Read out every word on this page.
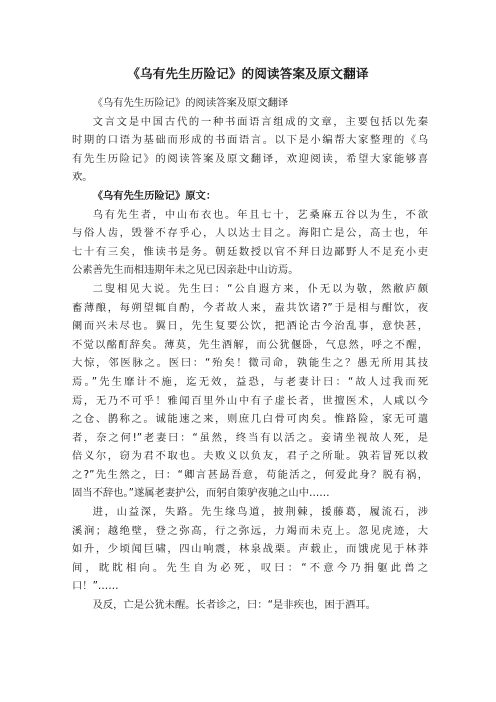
《乌有先生历险记》的阅读答案及原文翻译
《乌有先生历险记》的阅读答案及原文翻译
文言文是中国古代的一种书面语言组成的文章，主要包括以先秦
时期的口语为基础而形成的书面语言。以下是小编帮大家整理的《乌
有先生历险记》的阅读答案及原文翻译，欢迎阅读，希望大家能够喜
欢。
《乌有先生历险记》原文：
乌有先生者，中山布衣也。年且七十，艺桑麻五谷以为生，不欲
与俗人齿，毁誉不存乎心，人以达士目之。海阳亡是公，高士也，年
七十有三矣，惟读书是务。朝廷数授以官不拜日边鄙野人不足充小吏
公素善先生而相违期年未之见已因亲赴中山访焉。
二叟相见大说。先生曰：“公自遐方来，仆无以为敬，然敝庐颇
畜薄酿，每朔望辄自酌，今者故人来，盍共饮诸?”于是相与酣饮，夜
阑而兴未尽也。翼日，先生复要公饮，把酒论古今治乱事，意快甚，
不觉以酩酊辞矣。薄莫，先生酒解，而公犹偃卧，气息然，呼之不醒，
大惊，邻医脉之。医曰：“殆矣！微司命，孰能生之？愚无所用其技
焉。”先生靡计不施，迄无效，益恐，与老妻计曰：“故人过我而死
焉，无乃不可乎！雅闻百里外山中有子虚长者，世擅医术，人咸以今
之仓、鹊称之。诚能速之来，则庶几白骨可肉矣。惟路险，家无可遣
者，奈之何!”老妻曰：“虽然，终当有以活之。妾请坐视故人死，是
倍义尔，窃为君不取也。夫败义以负友，君子之所耻。孰若冒死以救
之?”先生然之，曰：“卿言甚勗吾意，苟能活之，何爱此身？脱有祸，
固当不辞也。”遂属老妻护公，而躬自策驴夜驰之山中……
进，山益深，失路。先生缘鸟道，披荆棘，援藤葛，履流石，涉
溪涧；越绝壁，登之弥高，行之弥远，力竭而未克上。忽见虎迹，大
如升，少顷闻巨啸，四山响震，林泉战栗。声载止，而饿虎见于林莽
间，眈眈相向。先生自为必死，叹曰：“不意今乃捐躯此兽之
口！”……
及反，亡是公犹未醒。长者诊之，曰：“是非疾也，困于酒耳。
